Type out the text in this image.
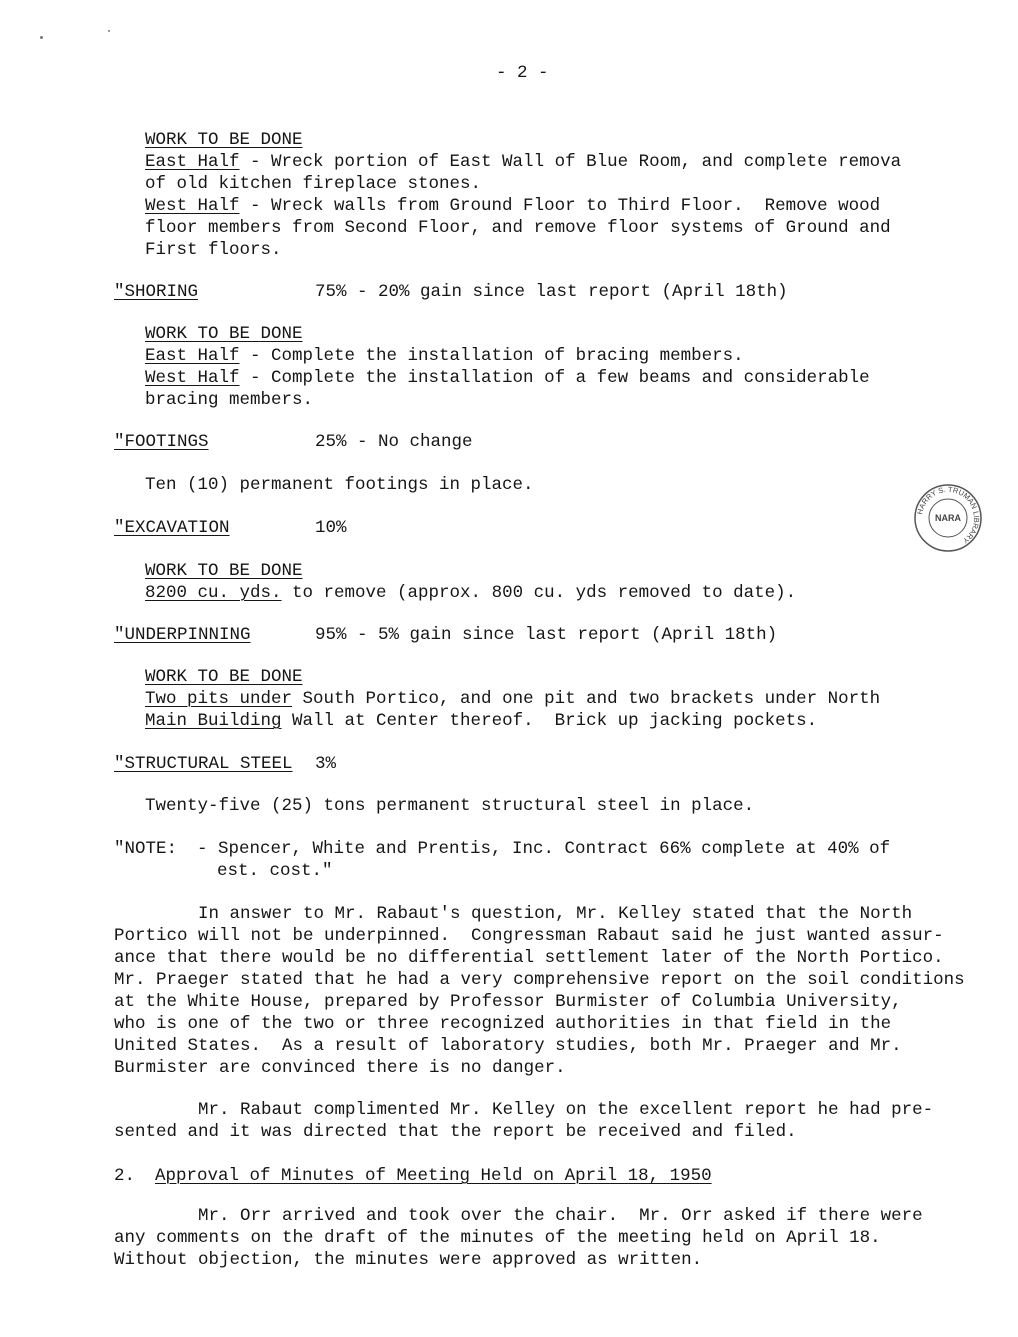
- 2 -
WORK TO BE DONE
East Half - Wreck portion of East Wall of Blue Room, and complete remova
of old kitchen fireplace stones.
West Half - Wreck walls from Ground Floor to Third Floor.  Remove wood
floor members from Second Floor, and remove floor systems of Ground and
First floors.
"SHORING	75% - 20% gain since last report (April 18th)
WORK TO BE DONE
East Half - Complete the installation of bracing members.
West Half - Complete the installation of a few beams and considerable
bracing members.
"FOOTINGS	25% - No change
Ten (10) permanent footings in place.
"EXCAVATION	10%
WORK TO BE DONE
8200 cu. yds. to remove (approx. 800 cu. yds removed to date).
"UNDERPINNING	95% - 5% gain since last report (April 18th)
WORK TO BE DONE
Two pits under South Portico, and one pit and two brackets under North
Main Building Wall at Center thereof.  Brick up jacking pockets.
"STRUCTURAL STEEL 3%
Twenty-five (25) tons permanent structural steel in place.
"NOTE: - Spencer, White and Prentis, Inc. Contract 66% complete at 40% of
est. cost."
In answer to Mr. Rabaut's question, Mr. Kelley stated that the North
Portico will not be underpinned.  Congressman Rabaut said he just wanted assur-
ance that there would be no differential settlement later of the North Portico.
Mr. Praeger stated that he had a very comprehensive report on the soil conditions
at the White House, prepared by Professor Burmister of Columbia University,
who is one of the two or three recognized authorities in that field in the
United States.  As a result of laboratory studies, both Mr. Praeger and Mr.
Burmister are convinced there is no danger.
Mr. Rabaut complimented Mr. Kelley on the excellent report he had pre-
sented and it was directed that the report be received and filed.
2. Approval of Minutes of Meeting Held on April 18, 1950
Mr. Orr arrived and took over the chair.  Mr. Orr asked if there were
any comments on the draft of the minutes of the meeting held on April 18.
Without objection, the minutes were approved as written.
HARRY S. TRUMAN LIBRARY
NARA
